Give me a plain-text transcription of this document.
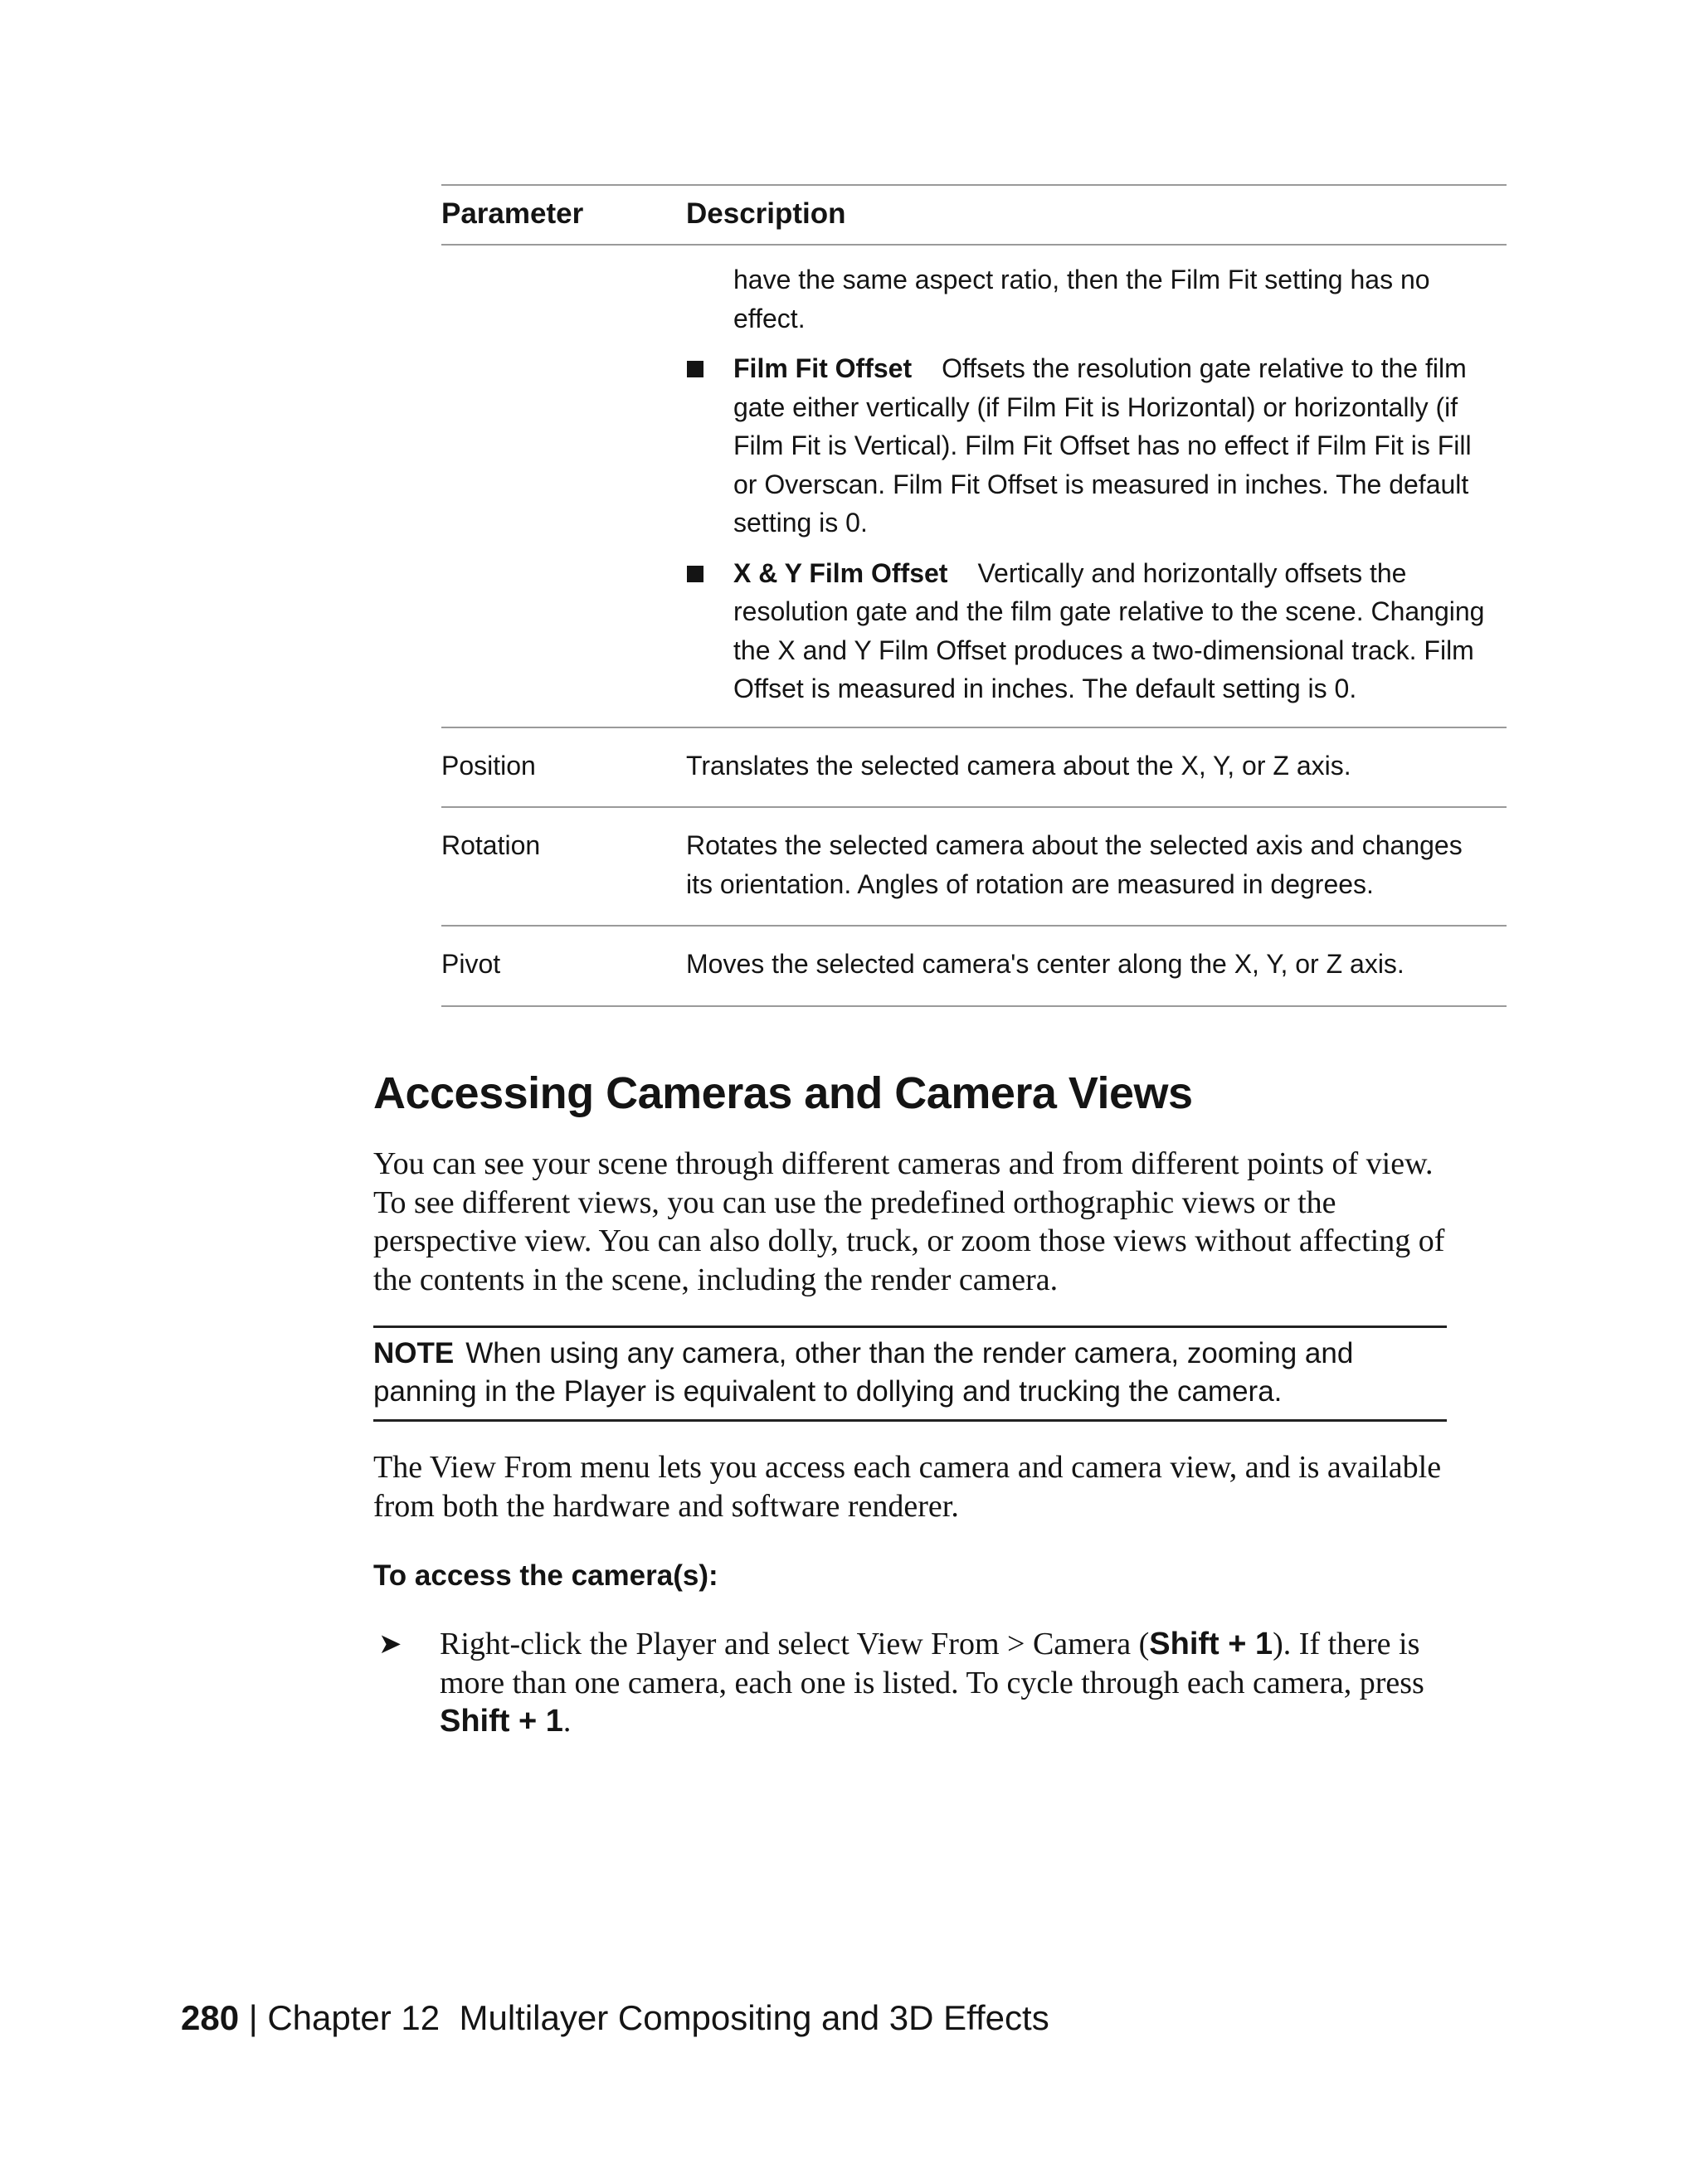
Parameter	Description
have the same aspect ratio, then the Film Fit setting has no effect.
Film Fit Offset Offsets the resolution gate relative to the film gate either vertically (if Film Fit is Horizontal) or horizontally (if Film Fit is Vertical). Film Fit Offset has no effect if Film Fit is Fill or Overscan. Film Fit Offset is measured in inches. The default setting is 0.
X & Y Film Offset Vertically and horizontally offsets the resolution gate and the film gate relative to the scene. Changing the X and Y Film Offset produces a two-dimensional track. Film Offset is measured in inches. The default setting is 0.
Position	Translates the selected camera about the X, Y, or Z axis.
Rotation	Rotates the selected camera about the selected axis and changes its orientation. Angles of rotation are measured in degrees.
Pivot	Moves the selected camera's center along the X, Y, or Z axis.
Accessing Cameras and Camera Views

You can see your scene through different cameras and from different points of view. To see different views, you can use the predefined orthographic views or the perspective view. You can also dolly, truck, or zoom those views without affecting of the contents in the scene, including the render camera.

NOTE When using any camera, other than the render camera, zooming and panning in the Player is equivalent to dollying and trucking the camera.

The View From menu lets you access each camera and camera view, and is available from both the hardware and software renderer.

To access the camera(s):
➤ Right-click the Player and select View From > Camera (Shift + 1). If there is more than one camera, each one is listed. To cycle through each camera, press Shift + 1.
280 | Chapter 12 Multilayer Compositing and 3D Effects
